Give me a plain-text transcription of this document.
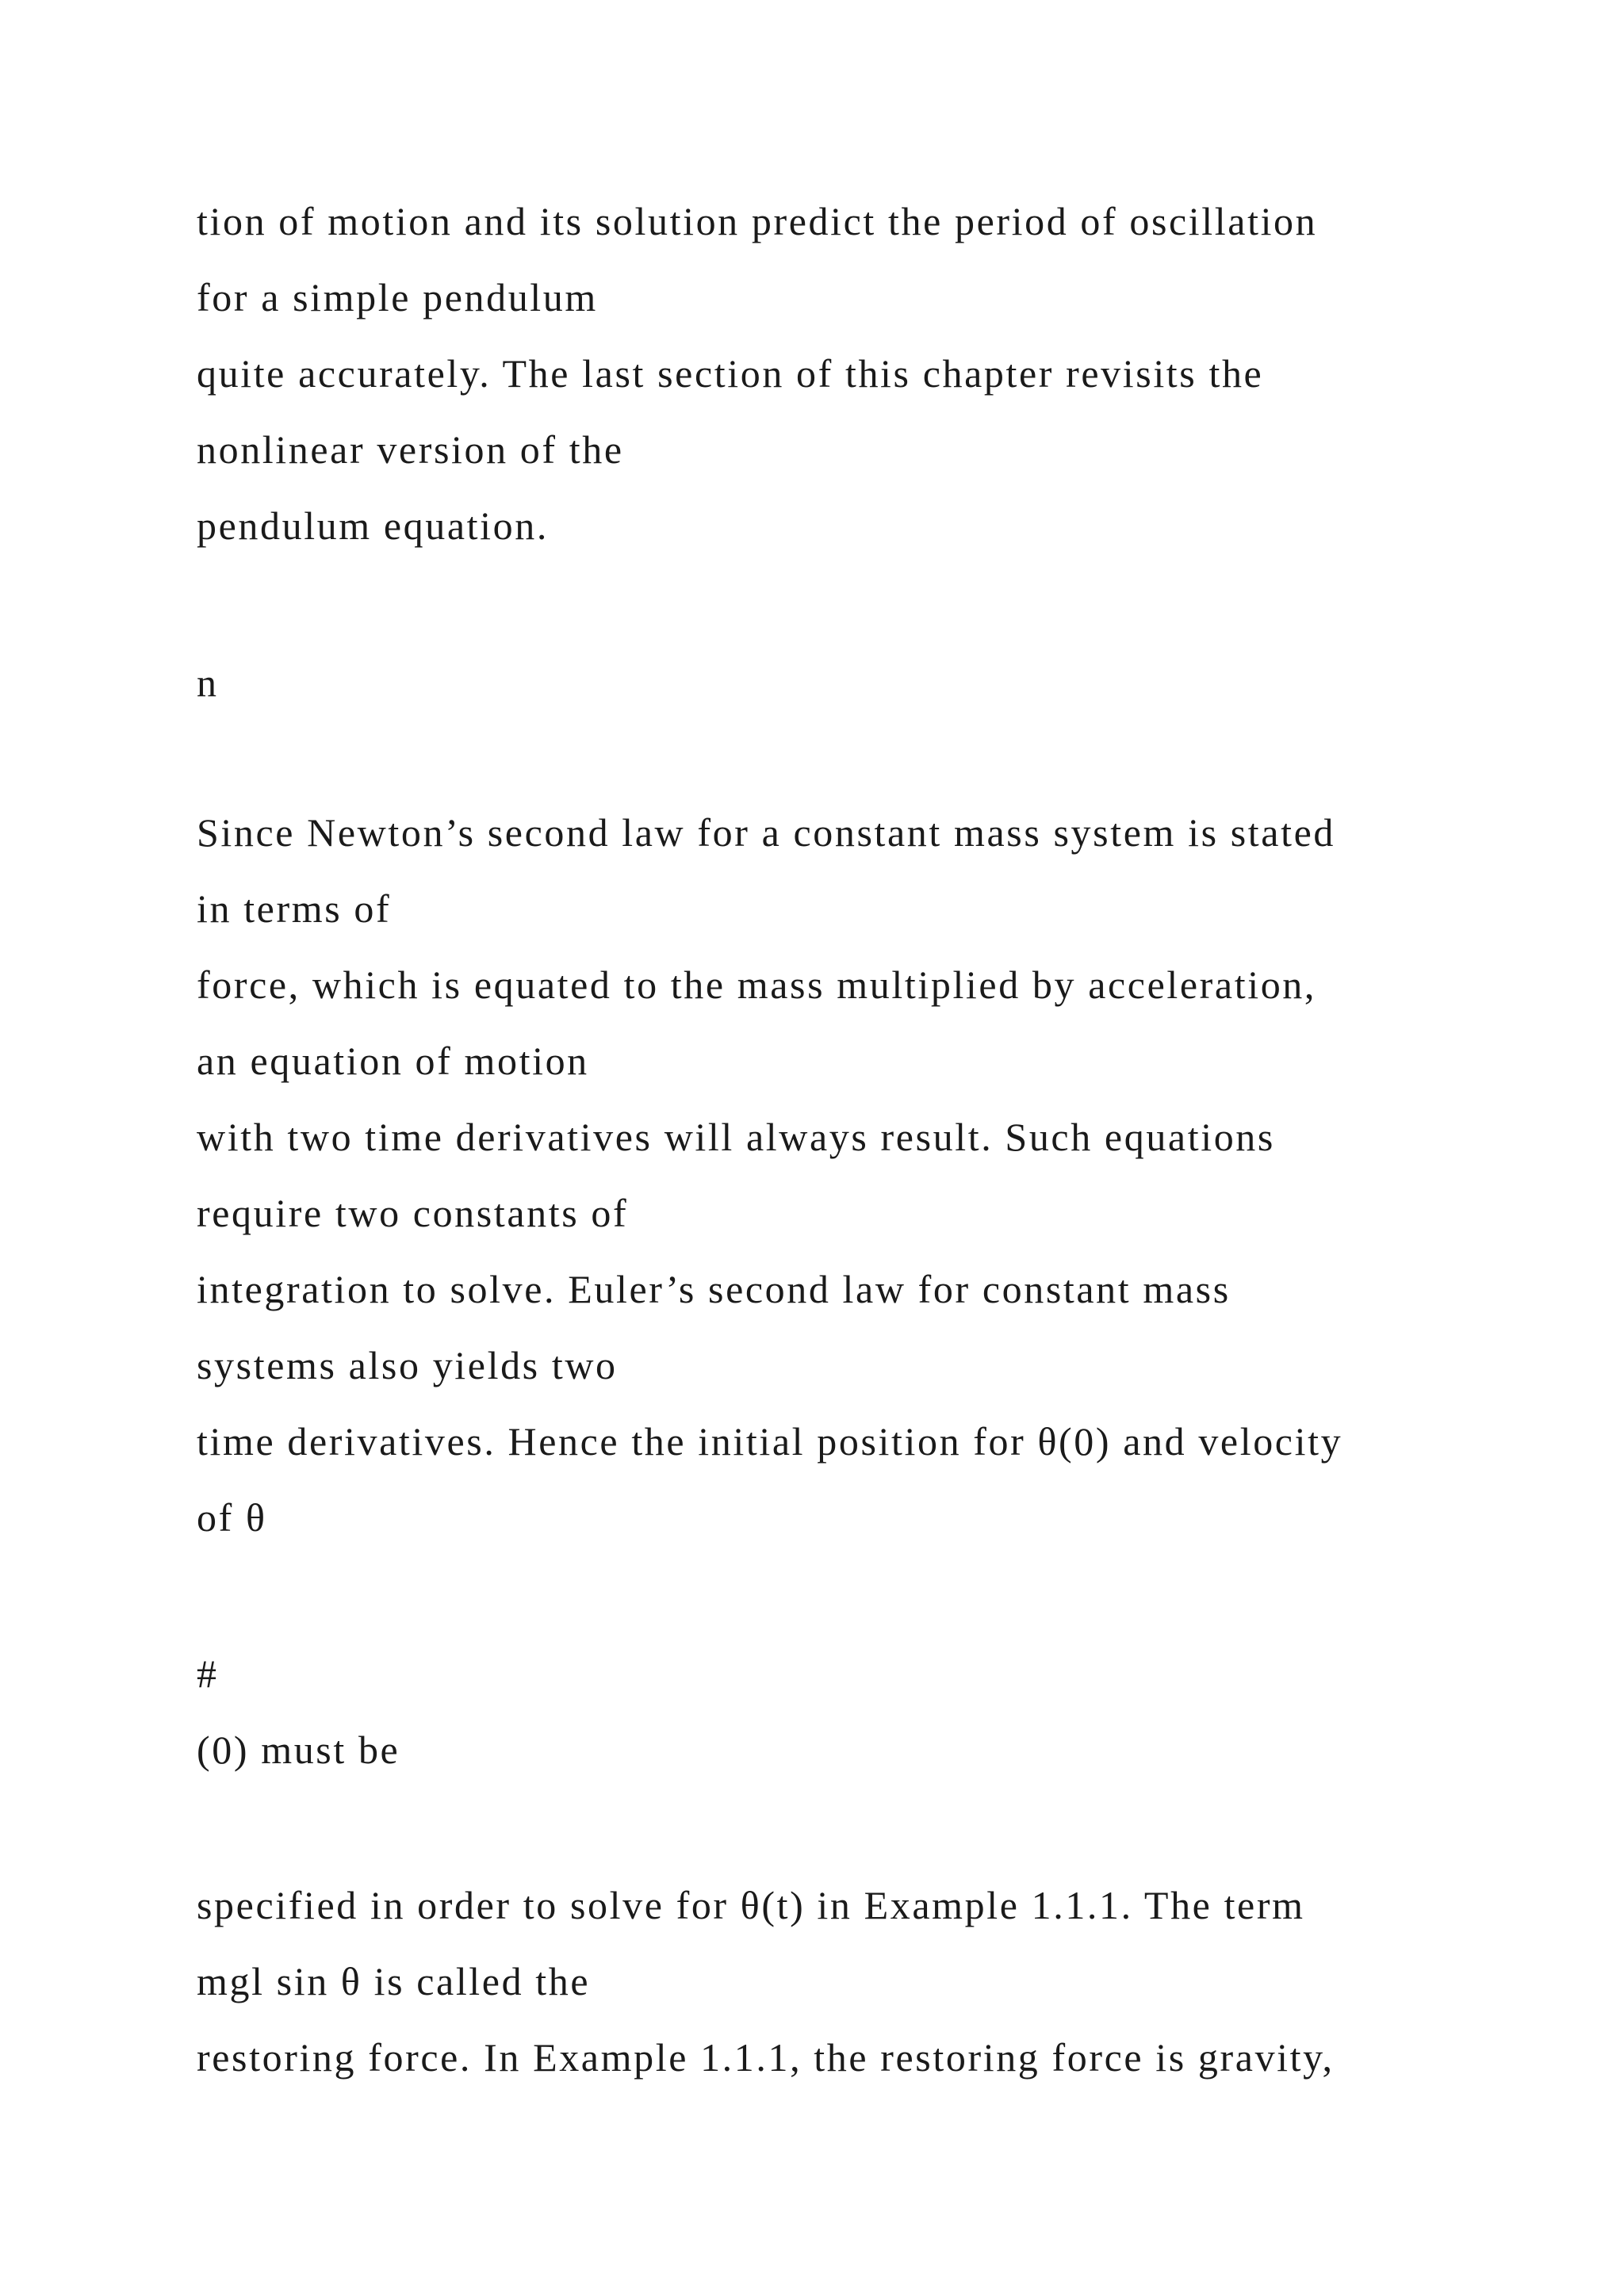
tion of motion and its solution predict the period of oscillation

for a simple pendulum

quite accurately. The last section of this chapter revisits the

nonlinear version of the

pendulum equation.

n

Since Newton’s second law for a constant mass system is stated

in terms of

force, which is equated to the mass multiplied by acceleration,

an equation of motion

with two time derivatives will always result. Such equations

require two constants of

integration to solve. Euler’s second law for constant mass

systems also yields two

time derivatives. Hence the initial position for θ(0) and velocity

of θ

#

(0) must be

specified in order to solve for θ(t) in Example 1.1.1. The term

mgl sin θ is called the

restoring force. In Example 1.1.1, the restoring force is gravity,
